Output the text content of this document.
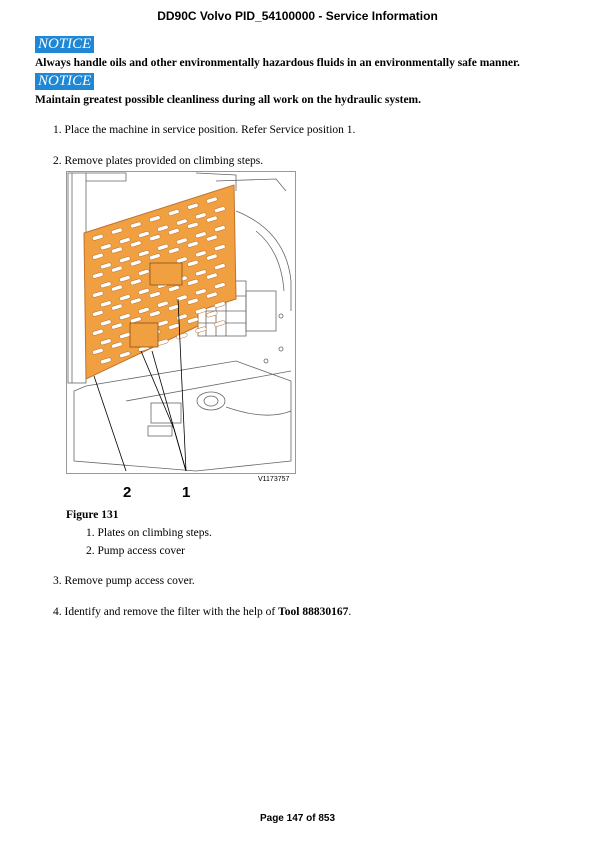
DD90C Volvo PID_54100000 - Service Information
NOTICE
Always handle oils and other environmentally hazardous fluids in an environmentally safe manner.
NOTICE
Maintain greatest possible cleanliness during all work on the hydraulic system.
1. Place the machine in service position. Refer Service position 1.
2. Remove plates provided on climbing steps.
V1173757
2	1
Figure 131
1. Plates on climbing steps.
2. Pump access cover
3. Remove pump access cover.
4. Identify and remove the filter with the help of Tool 88830167.
Page 147 of 853
